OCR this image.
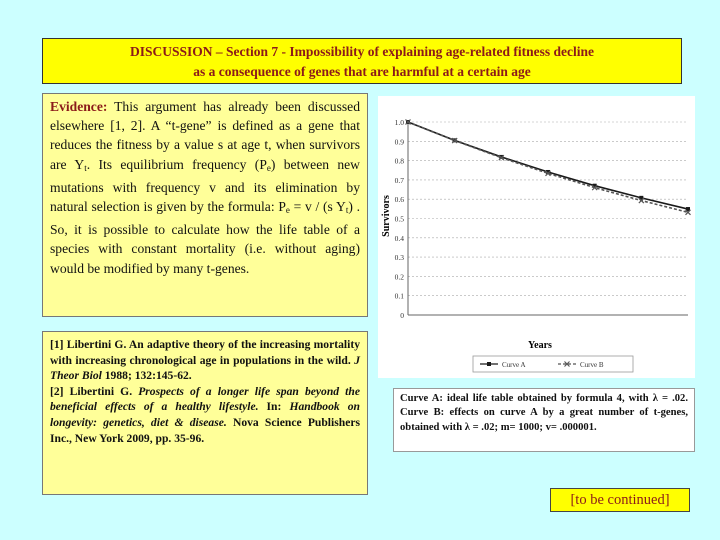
DISCUSSION – Section 7 - Impossibility of explaining age-related fitness decline
as a consequence of genes that are harmful at a certain age
Evidence: This argument has already been discussed elsewhere [1, 2]. A “t-gene” is defined as a gene that reduces the fitness by a value s at age t, when survivors are $Y_t$. Its equilibrium frequency $(P_e)$ between new mutations with frequency v and its elimination by natural selection is given by the formula: $P_e = v / (s$ $Y_t$) . So, it is possible to calculate how the life table of a species with constant mortality (i.e. without aging) would be modified by many t-genes.

[1] Libertini G. An adaptive theory of the increasing mortality with increasing chronological age in populations in the wild. J Theor Biol 1988; 132:145-62.

[2] Libertini G. Prospects of a longer life span beyond the beneficial effects of a healthy lifestyle. In: Handbook on longevity: genetics, diet & disease. Nova Science Publishers Inc., New York 2009, pp. 35-96.

Survivors
Years
0
0.1
0.2
0.3
0.4
0.5
0.6
0.7
0.8
0.9
1.0
Curve A	Curve B
Curve A: ideal life table obtained by formula 4, with λ = .02. Curve B: effects on curve A by a great number of t-genes, obtained with λ = .02; m= 1000; v= .000001.
[to be continued]
